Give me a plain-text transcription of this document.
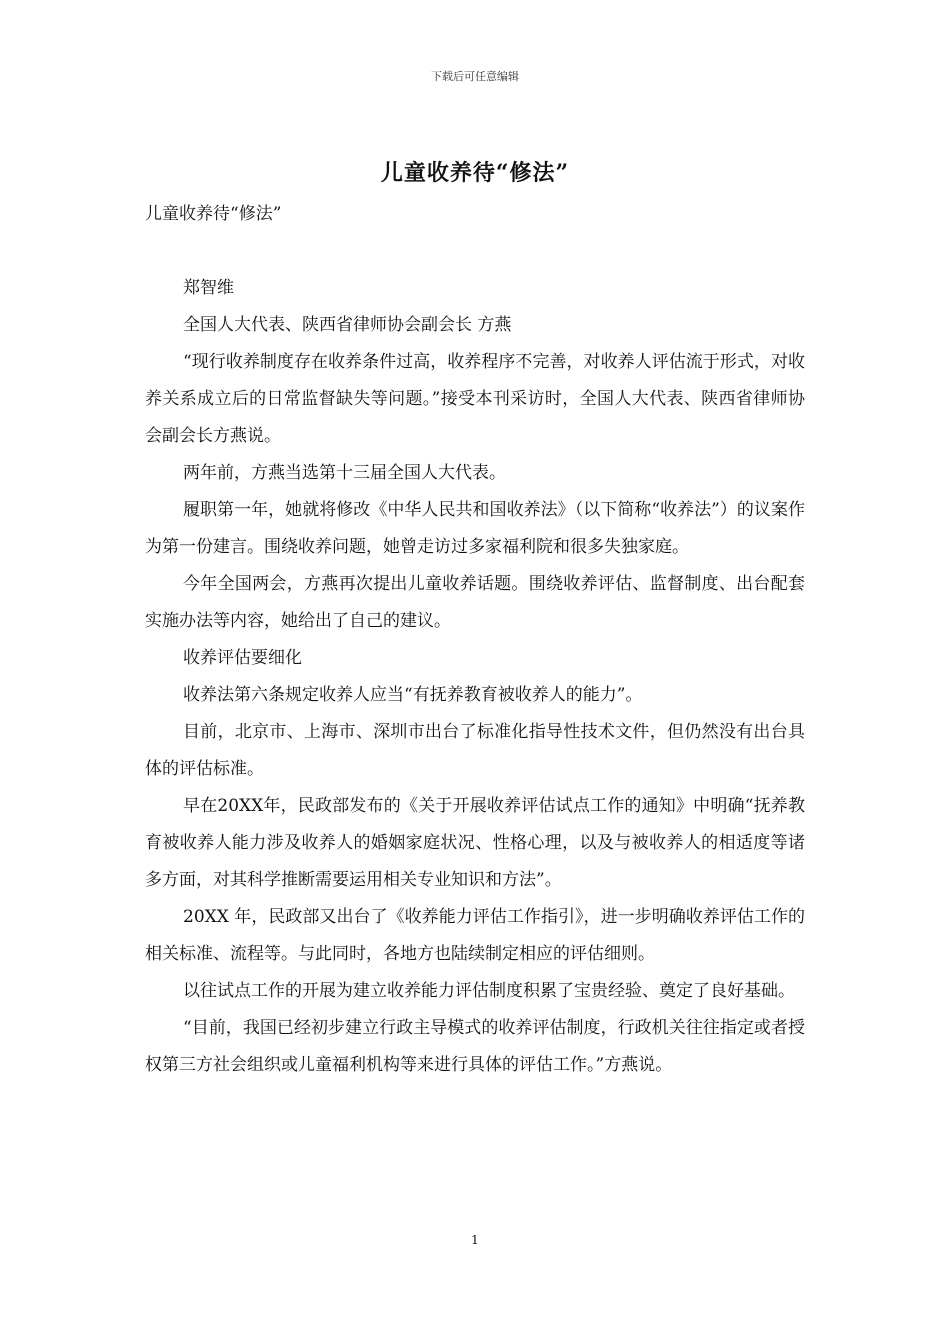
下载后可任意编辑
儿童收养待“修法”

儿童收养待“修法”

郑智维

全国人大代表、陕西省律师协会副会长 方燕

“现行收养制度存在收养条件过高，收养程序不完善，对收养人评估流于形式，对收养关系成立后的日常监督缺失等问题。”接受本刊采访时，全国人大代表、陕西省律师协会副会长方燕说。

两年前，方燕当选第十三届全国人大代表。

履职第一年，她就将修改《中华人民共和国收养法》（以下简称“收养法”）的议案作为第一份建言。围绕收养问题，她曾走访过多家福利院和很多失独家庭。

今年全国两会，方燕再次提出儿童收养话题。围绕收养评估、监督制度、出台配套实施办法等内容，她给出了自己的建议。

收养评估要细化

收养法第六条规定收养人应当“有抚养教育被收养人的能力”。

目前，北京市、上海市、深圳市出台了标准化指导性技术文件，但仍然没有出台具体的评估标准。

早在20XX年，民政部发布的《关于开展收养评估试点工作的通知》中明确“抚养教育被收养人能力涉及收养人的婚姻家庭状况、性格心理，以及与被收养人的相适度等诸多方面，对其科学推断需要运用相关专业知识和方法”。

20XX 年，民政部又出台了《收养能力评估工作指引》，进一步明确收养评估工作的相关标准、流程等。与此同时，各地方也陆续制定相应的评估细则。

以往试点工作的开展为建立收养能力评估制度积累了宝贵经验、奠定了良好基础。

“目前，我国已经初步建立行政主导模式的收养评估制度，行政机关往往指定或者授权第三方社会组织或儿童福利机构等来进行具体的评估工作。”方燕说。

1
